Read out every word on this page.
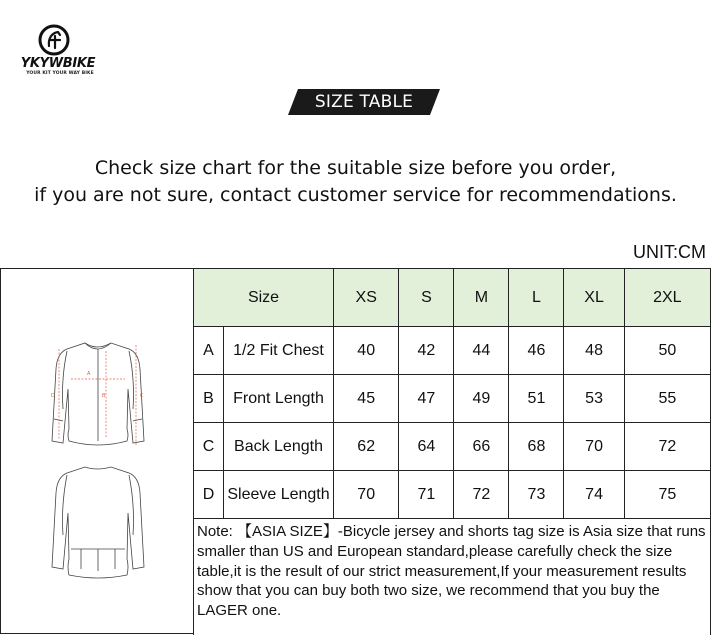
YKYWBIKE
YOUR KIT YOUR WAY BIKE
SIZE TABLE
Check size chart for the suitable size before you order,
if you are not sure, contact customer service for recommendations.
UNIT:CM
A
B	C
D
Size		XS	S	M	L	XL	2XL
A	1/2 Fit Chest	40	42	44	46	48	50
B	Front Length	45	47	49	51	53	55
C	Back Length	62	64	66	68	70	72
D	Sleeve Length	70	71	72	73	74	75
Note: 【ASIA SIZE】-Bicycle jersey and shorts tag size is Asia size that runs smaller than US and European standard,please carefully check the size table,it is the result of our strict measurement,If your measurement results show that you can buy both two size, we recommend that you buy the LAGER one.							
